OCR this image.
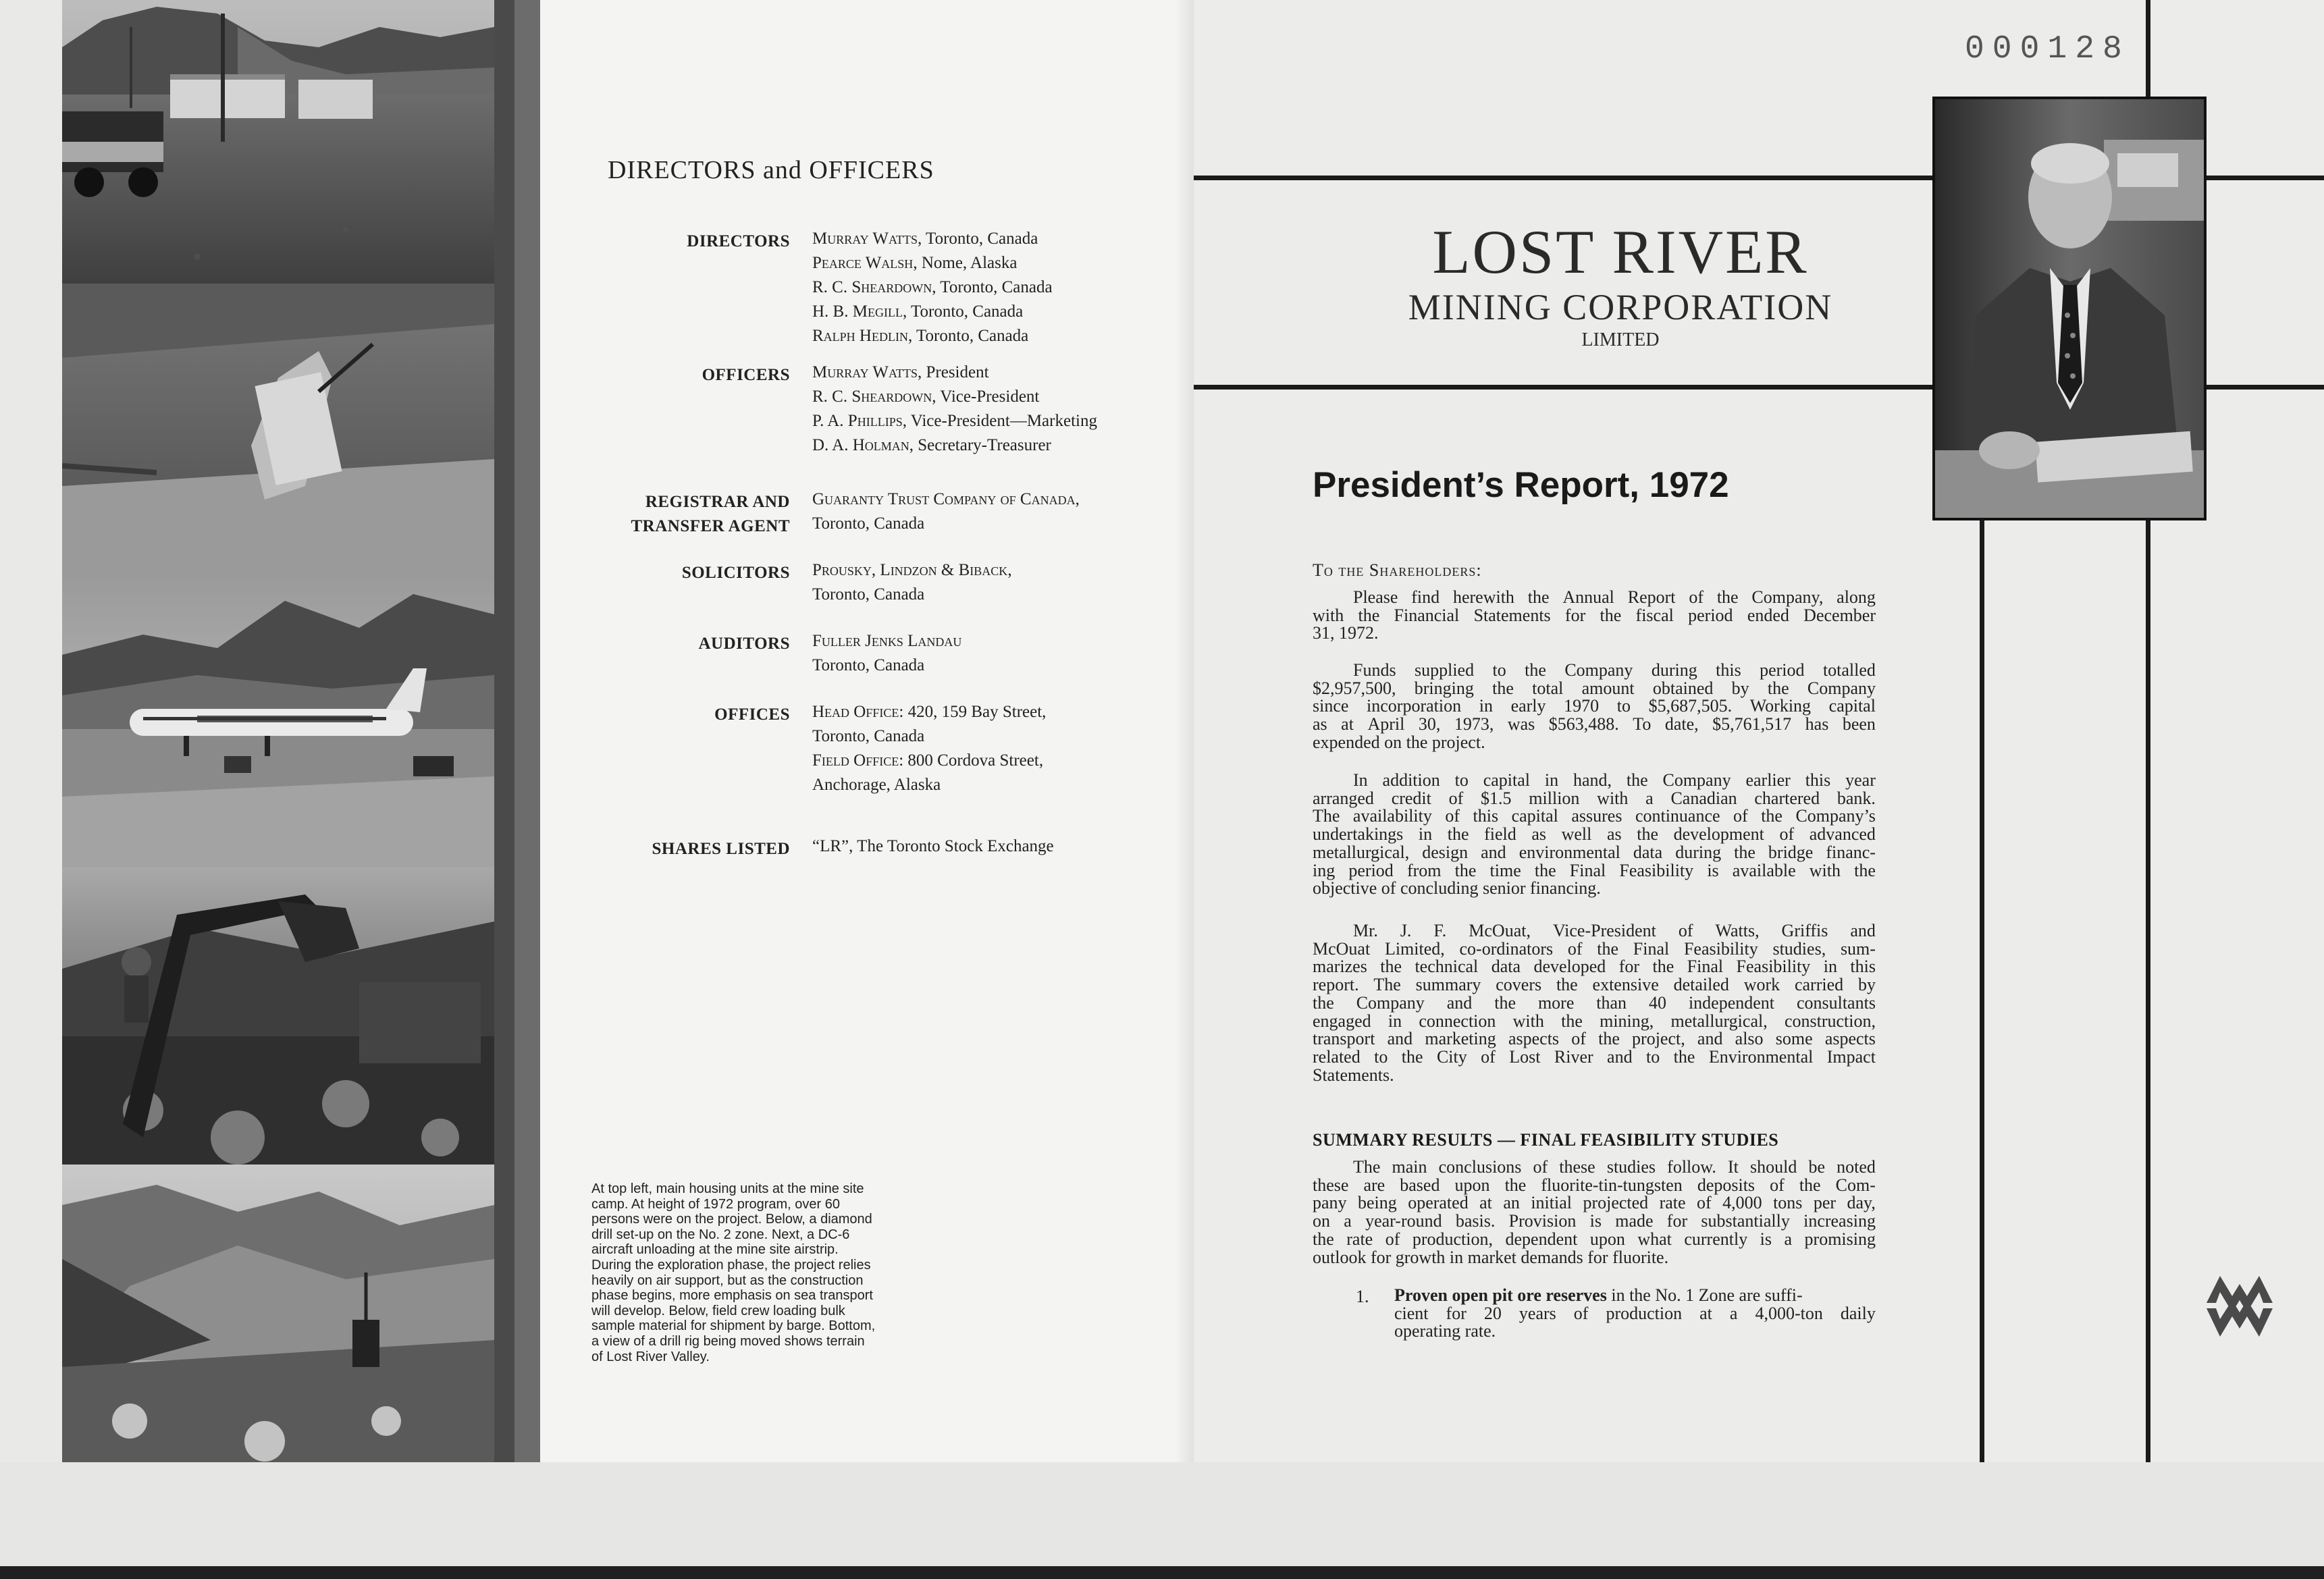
DIRECTORS and OFFICERS
DIRECTORS Murray Watts, Toronto, Canada
Pearce Walsh, Nome, Alaska
R. C. Sheardown, Toronto, Canada
H. B. Megill, Toronto, Canada
Ralph Hedlin, Toronto, Canada
OFFICERS Murray Watts, President
R. C. Sheardown, Vice-President
P. A. Phillips, Vice-President—Marketing
D. A. Holman, Secretary-Treasurer
REGISTRAR AND
TRANSFER AGENT
Guaranty Trust Company of Canada,
Toronto, Canada
SOLICITORS Prousky, Lindzon & Biback,
Toronto, Canada
AUDITORS Fuller Jenks Landau
Toronto, Canada
OFFICES Head Office: 420, 159 Bay Street,
Toronto, Canada
Field Office: 800 Cordova Street,
Anchorage, Alaska
SHARES LISTED “LR”, The Toronto Stock Exchange
At top left, main housing units at the mine site
camp. At height of 1972 program, over 60
persons were on the project. Below, a diamond
drill set-up on the No. 2 zone. Next, a DC-6
aircraft unloading at the mine site airstrip.
During the exploration phase, the project relies
heavily on air support, but as the construction
phase begins, more emphasis on sea transport
will develop. Below, field crew loading bulk
sample material for shipment by barge. Bottom,
a view of a drill rig being moved shows terrain
of Lost River Valley.
000128
LOST RIVER
MINING CORPORATION
LIMITED
President’s Report, 1972
To the Shareholders:
Please find herewith the Annual Report of the Company, along
with the Financial Statements for the fiscal period ended December
31, 1972.
Funds supplied to the Company during this period totalled
$2,957,500, bringing the total amount obtained by the Company
since incorporation in early 1970 to $5,687,505. Working capital
as at April 30, 1973, was $563,488. To date, $5,761,517 has been
expended on the project.
In addition to capital in hand, the Company earlier this year
arranged credit of $1.5 million with a Canadian chartered bank.
The availability of this capital assures continuance of the Company’s
undertakings in the field as well as the development of advanced
metallurgical, design and environmental data during the bridge financ-
ing period from the time the Final Feasibility is available with the
objective of concluding senior financing.
Mr. J. F. McOuat, Vice-President of Watts, Griffis and
McOuat Limited, co-ordinators of the Final Feasibility studies, sum-
marizes the technical data developed for the Final Feasibility in this
report. The summary covers the extensive detailed work carried by
the Company and the more than 40 independent consultants
engaged in connection with the mining, metallurgical, construction,
transport and marketing aspects of the project, and also some aspects
related to the City of Lost River and to the Environmental Impact
Statements.
SUMMARY RESULTS — FINAL FEASIBILITY STUDIES
The main conclusions of these studies follow. It should be noted
these are based upon the fluorite-tin-tungsten deposits of the Com-
pany being operated at an initial projected rate of 4,000 tons per day,
on a year-round basis. Provision is made for substantially increasing
the rate of production, dependent upon what currently is a promising
outlook for growth in market demands for fluorite.
1. Proven open pit ore reserves in the No. 1 Zone are suffi-
cient for 20 years of production at a 4,000-ton daily
operating rate.
